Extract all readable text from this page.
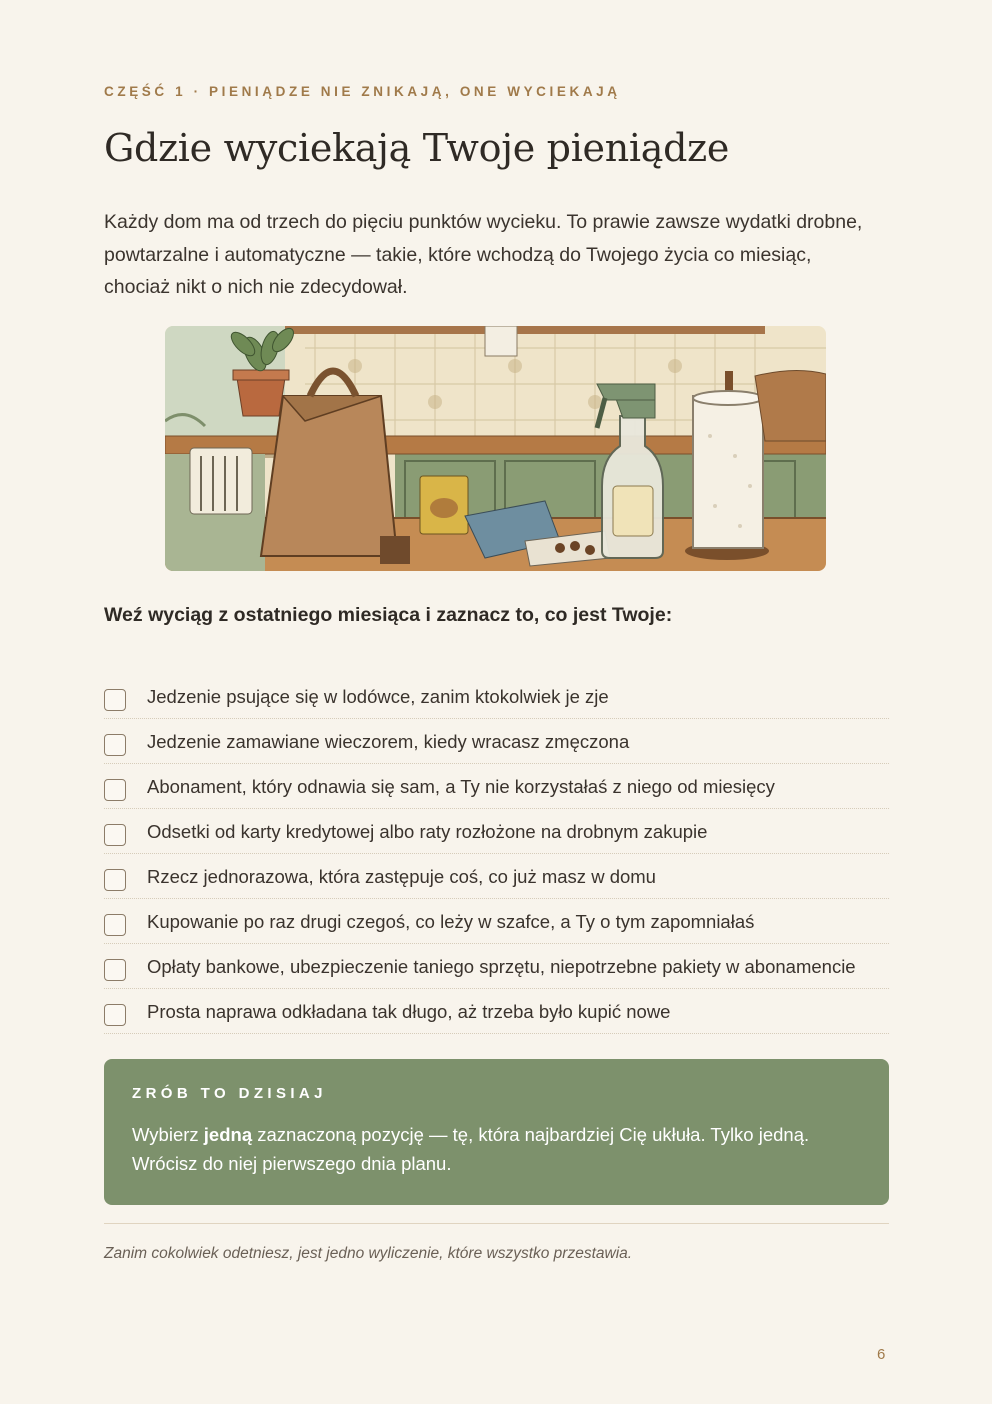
CZĘŚĆ 1 · PIENIĄDZE NIE ZNIKAJĄ, ONE WYCIEKAJĄ
Gdzie wyciekają Twoje pieniądze

Każdy dom ma od trzech do pięciu punktów wycieku. To prawie zawsze wydatki drobne, powtarzalne i automatyczne — takie, które wchodzą do Twojego życia co miesiąc, chociaż nikt o nich nie zdecydował.

Weź wyciąg z ostatniego miesiąca i zaznacz to, co jest Twoje:

Jedzenie psujące się w lodówce, zanim ktokolwiek je zje
Jedzenie zamawiane wieczorem, kiedy wracasz zmęczona
Abonament, który odnawia się sam, a Ty nie korzystałaś z niego od miesięcy
Odsetki od karty kredytowej albo raty rozłożone na drobnym zakupie
Rzecz jednorazowa, która zastępuje coś, co już masz w domu
Kupowanie po raz drugi czegoś, co leży w szafce, a Ty o tym zapomniałaś
Opłaty bankowe, ubezpieczenie taniego sprzętu, niepotrzebne pakiety w abonamencie
Prosta naprawa odkładana tak długo, aż trzeba było kupić nowe

ZRÓB TO DZISIAJ

Wybierz jedną zaznaczoną pozycję — tę, która najbardziej Cię ukłuła. Tylko jedną. Wrócisz do niej pierwszego dnia planu.

Zanim cokolwiek odetniesz, jest jedno wyliczenie, które wszystko przestawia.

6
